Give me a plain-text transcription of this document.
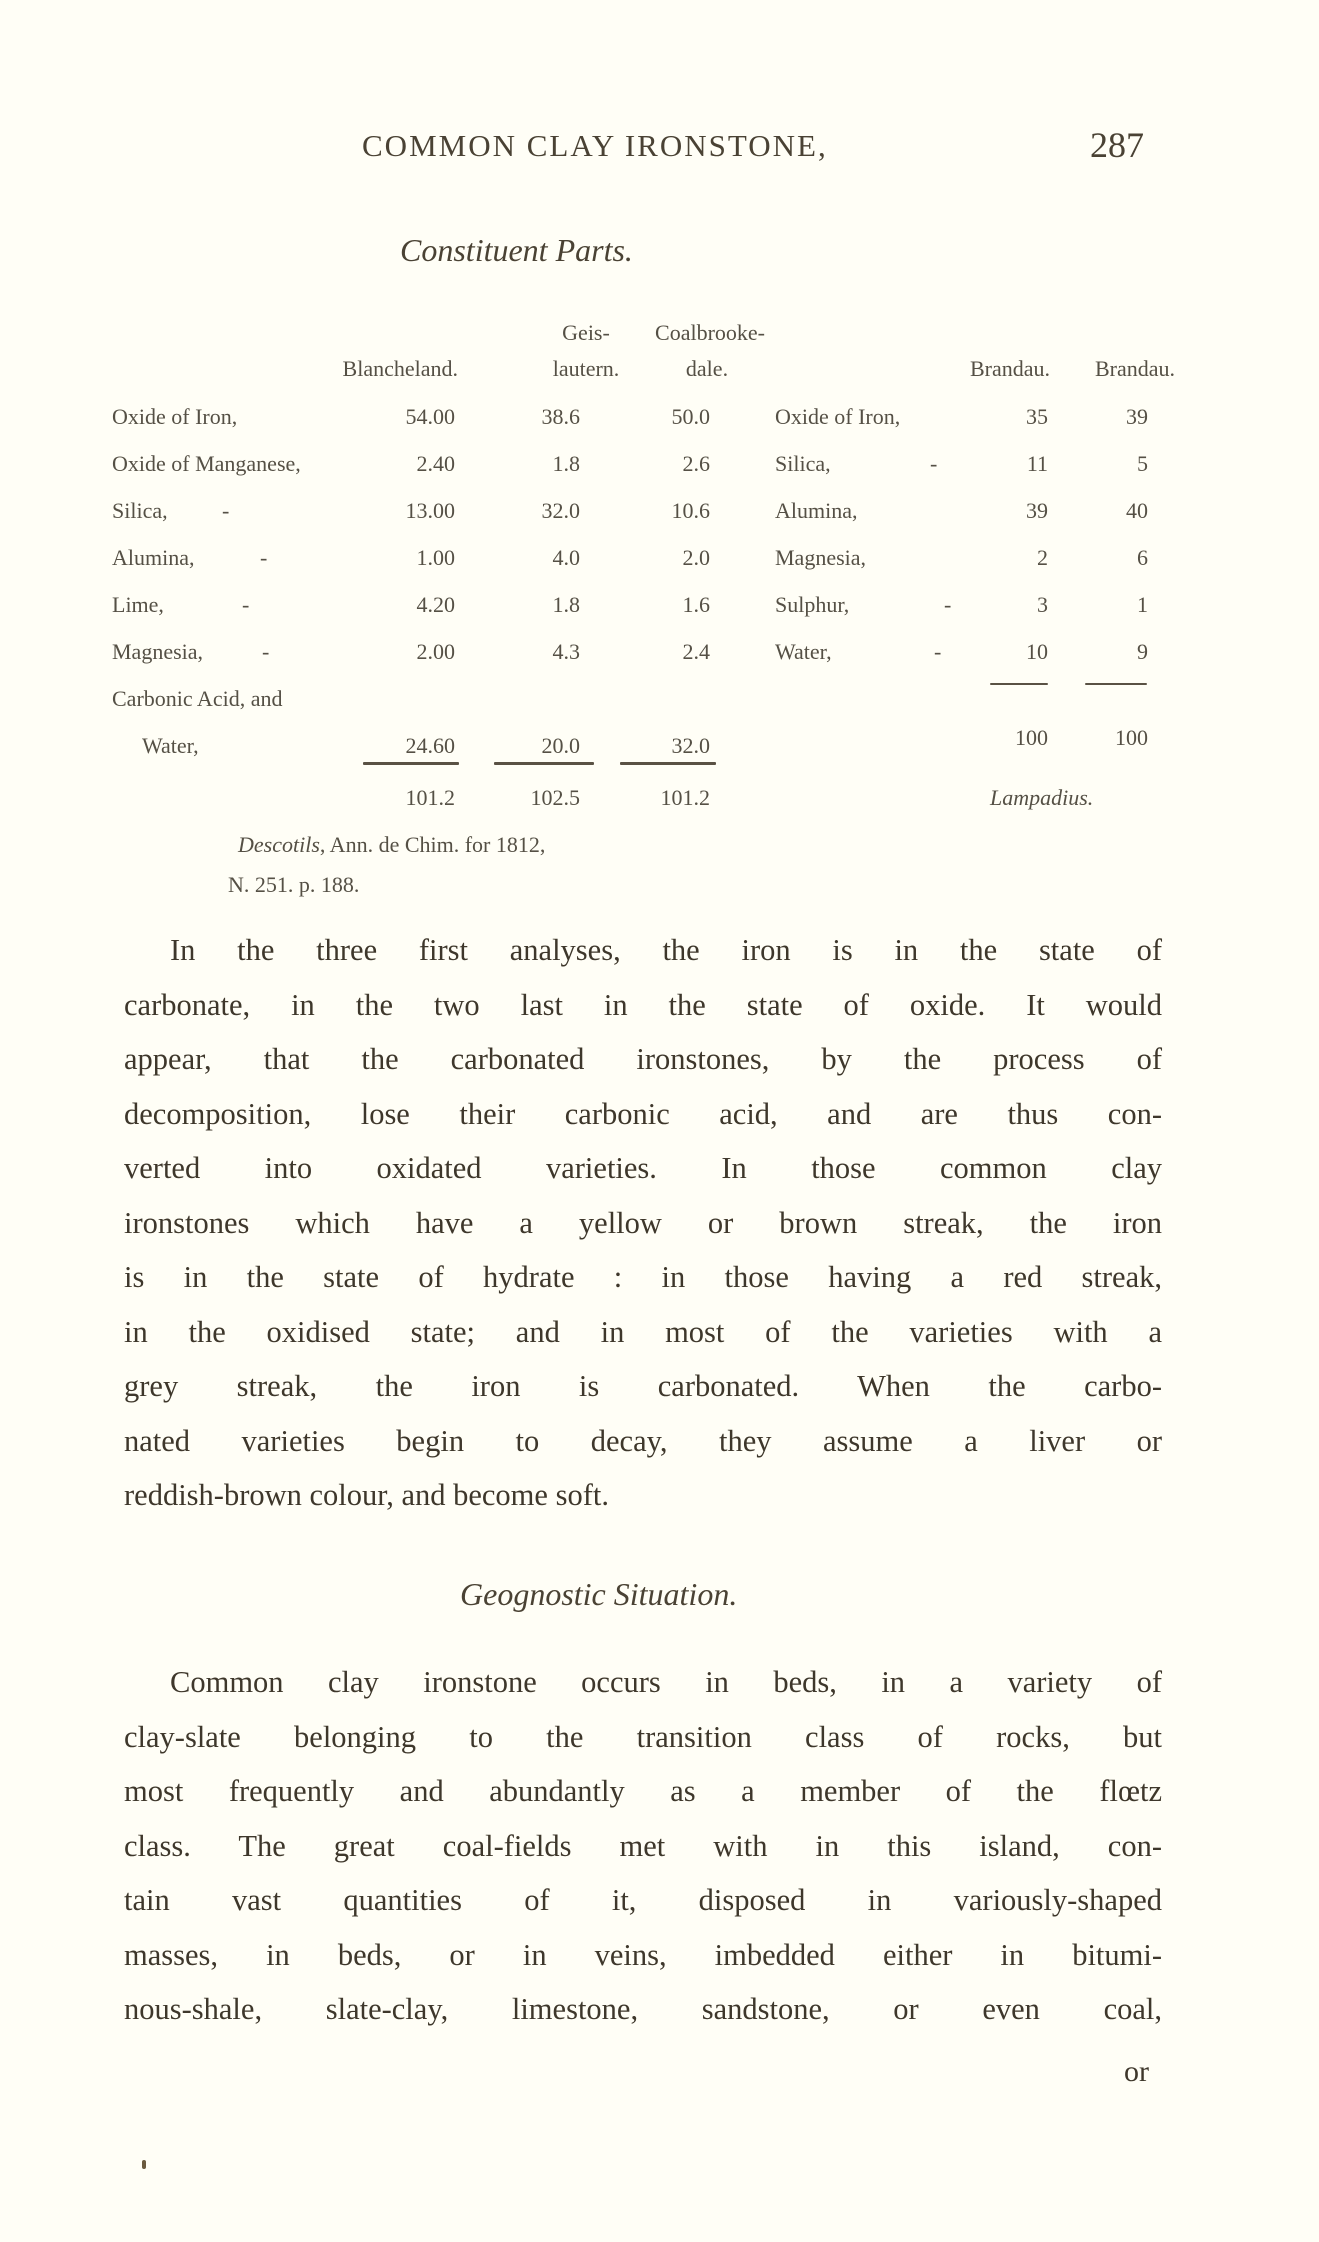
COMMON CLAY IRONSTONE,	287
Constituent Parts.
Geis-	Coalbrooke-
Blancheland.	lautern.	dale.
Oxide of Iron,	54.00	38.6	50.0
Oxide of Manganese,	2.40	1.8	2.6
Silica, -	13.00	32.0	10.6
Alumina,	-	1.00	4.0	2.0
Lime,	-	4.20	1.8	1.6
Magnesia,	-	2.00	4.3	2.4
Carbonic Acid, and
Water,	24.60	20.0	32.0
101.2	102.5	101.2
Descotils, Ann. de Chim. for 1812,
N. 251. p. 188.
Brandau.	Brandau.
Oxide of Iron,	35	39
Silica,	-	11	5
Alumina,	39	40
Magnesia,	2	6
Sulphur,	-	3	1
Water,	-	10	9
100	100
Lampadius.
In the three first analyses, the iron is in the state of
carbonate, in the two last in the state of oxide. It would
appear, that the carbonated ironstones, by the process of
decomposition, lose their carbonic acid, and are thus con-
verted into oxidated varieties. In those common clay
ironstones which have a yellow or brown streak, the iron
is in the state of hydrate : in those having a red streak,
in the oxidised state; and in most of the varieties with a
grey streak, the iron is carbonated. When the carbo-
nated varieties begin to decay, they assume a liver or
reddish-brown colour, and become soft.
Geognostic Situation.
Common clay ironstone occurs in beds, in a variety of
clay-slate belonging to the transition class of rocks, but
most frequently and abundantly as a member of the flœtz
class. The great coal-fields met with in this island, con-
tain vast quantities of it, disposed in variously-shaped
masses, in beds, or in veins, imbedded either in bitumi-
nous-shale, slate-clay, limestone, sandstone, or even coal,
or
